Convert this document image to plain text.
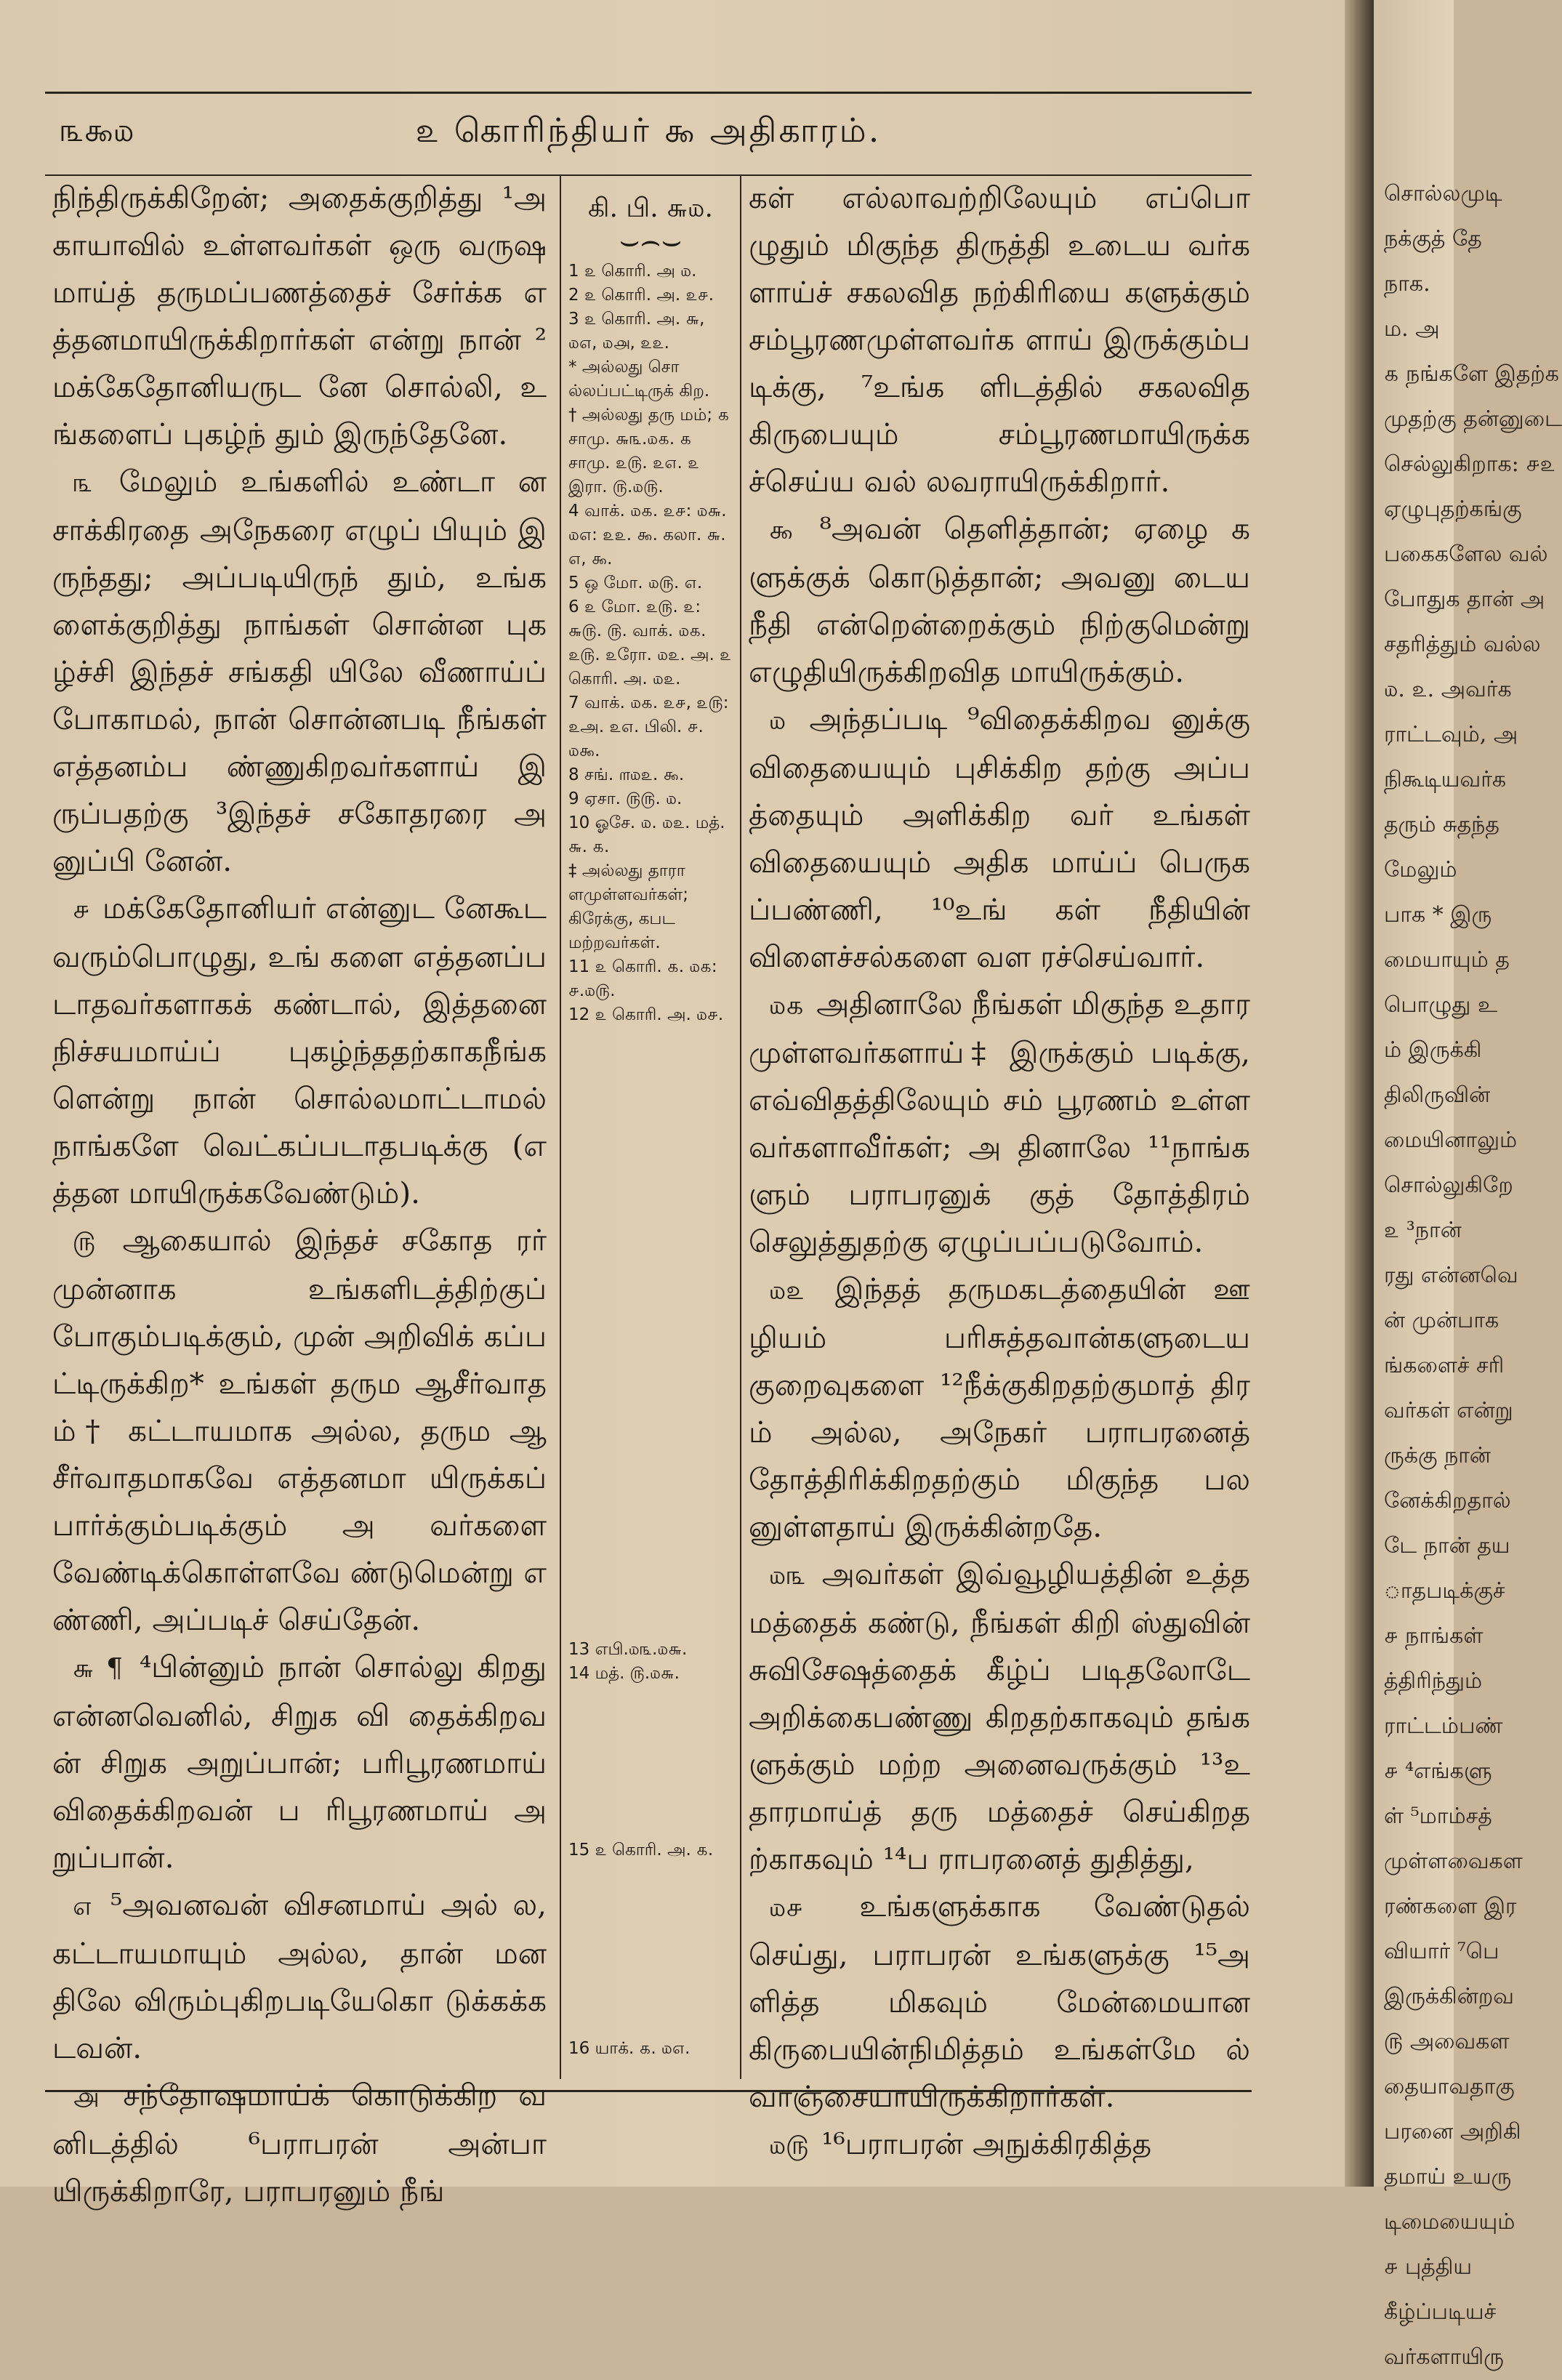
சொல்லமுடி
நக்குத் தே
நாக.
ம. அ
௧ நங்களே இதற்க
முதற்கு தன்னுடை
செல்லுகிறாக: ௪௨
ஏழுபுதற்கங்கு
பகைகளேல வல்
போதுக தான் அ
சதரித்தும் வல்ல
௰. ௨. அவர்க
ராட்டவும், அ
நிகூடியவர்க
தரும் சுதந்த
மேலும்
பாக * இரு
மையாயும் த
பொழுது உ
ம் இருக்கி
திலிருவின்
மையினாலும்
சொல்லுகிறே
௨ ³நான்
ரது என்னவெ
ன் முன்பாக
ங்களைச் சரி
வர்கள் என்று
ருக்கு நான்
னேக்கிறதால்
டே நான் தய
ாதபடிக்குச்
௪ நாங்கள்
த்திரிந்தும்
ராட்டம்பண்
௪ ⁴எங்களு
ள் ⁵மாம்சத்
முள்ளவைகள
ரண்களை இர
வியார் ⁷பெ
இருக்கின்றவ
௫ அவைகள
தையாவதாகு
பரனை அறிகி
தமாய் உயரு
டிமையையும்
௪ புத்திய
கீழ்ப்படியச்
வர்களாயிரு
௩௯௰	௨ கொரிந்தியர் ௯ அதிகாரம்.

நிந்திருக்கிறேன்; அதைக்குறித்து ¹அகாயாவில் உள்ளவர்கள் ஒரு வருஷமாய்த் தருமப்பணத்தைச் சேர்க்க எத்தனமாயிருக்கிறார்கள் என்று நான் ²மக்கேதோனியருட னே சொல்லி, உங்களைப் புகழ்ந் தும் இருந்தேனே.

௩ மேலும் உங்களில் உண்டா ன சாக்கிரதை அநேகரை எழுப் பியும் இருந்தது; அப்படியிருந் தும், உங்களைக்குறித்து நாங்கள் சொன்ன புகழ்ச்சி இந்தச் சங்கதி யிலே வீணாய்ப் போகாமல், நான் சொன்னபடி நீங்கள் எத்தனம்ப ண்ணுகிறவர்களாய் இருப்பதற்கு ³இந்தச் சகோதரரை அனுப்பி னேன்.

௪ மக்கேதோனியர் என்னுட னேகூட வரும்பொழுது, உங் களை எத்தனப்படாதவர்களாகக் கண்டால், இத்தனை நிச்சயமாய்ப் புகழ்ந்ததற்காகநீங்களென்று நான் சொல்லமாட்டாமல் நாங்களே வெட்கப்படாதபடிக்கு (எத்தன மாயிருக்கவேண்டும்).

௫ ஆகையால் இந்தச் சகோத ரர் முன்னாக உங்களிடத்திற்குப் போகும்படிக்கும், முன் அறிவிக் கப்பட்டிருக்கிற* உங்கள் தரும ஆசீர்வாதம்† கட்டாயமாக அல்ல, தரும ஆசீர்வாதமாகவே எத்தனமா யிருக்கப் பார்க்கும்படிக்கும் அ வர்களை வேண்டிக்கொள்ளவே ண்டுமென்று எண்ணி, அப்படிச் செய்தேன்.

௬ ¶ ⁴பின்னும் நான் சொல்லு கிறது என்னவெனில், சிறுக வி தைக்கிறவன் சிறுக அறுப்பான்; பரிபூரணமாய் விதைக்கிறவன் ப ரிபூரணமாய் அறுப்பான்.

௭ ⁵அவனவன் விசனமாய் அல் ல, கட்டாயமாயும் அல்ல, தான் மனதிலே விரும்புகிறபடியேகொ டுக்கக்கடவன்.

௮ சந்தோஷமாய்க் கொடுக்கிற வனிடத்தில் ⁶பராபரன் அன்பா யிருக்கிறாரே, பராபரனும் நீங்

கி. பி. ௬௰.
⌣⌢⌣

1 ௨ கொரி. அ ௰.

2 ௨ கொரி. அ. ௨௪.

3 ௨ கொரி. அ. ௬, ௰௭, ௰௮, ௨௨.

* அல்லது சொ ல்லப்பட்டிருக் கிற.

† அல்லது தரு மம்; ௧ சாமு. ௬௩.௰௧. ௧ சாமு. ௨௫. ௨௭. ௨ இரா. ௫.௰௫.

4 வாக். ௰௧. ௨௪: ௰௬. ௰௭: ௨௨. ௯. கலா. ௬. ௭, ௯.

5 ஒ மோ. ௰௫. ௭.

6 ௨ மோ. ௨௫. ௨: ௬௫. ௫. வாக். ௰௧. ௨௫. ௨ரோ. ௰௨. அ. ௨ கொரி. அ. ௰௨.

7 வாக். ௰௧. ௨௪, ௨௫: ௨அ. ௨௭. பிலி. ௪. ௰௯.

8 சங். ௱௰௨. ௯.

9 ஏசா. ௫௫. ௰.

10 ஓசே. ௰. ௰௨. மத். ௬. ௧.

‡ அல்லது தாரா ளமுள்ளவர்கள்; கிரேக்கு, கபட மற்றவர்கள்.

11 ௨ கொரி. ௧. ௰௧: ௪.௰௫.

12 ௨ கொரி. அ. ௰௪.

13 எபி.௰௩.௰௬.

14 மத். ௫.௰௬.

15 ௨ கொரி. அ. ௧.

16 யாக். ௧. ௰௭.

கள் எல்லாவற்றிலேயும் எப்பொ ழுதும் மிகுந்த திருத்தி உடைய வர்களாய்ச் சகலவித நற்கிரியை களுக்கும் சம்பூரணமுள்ளவர்க ளாய் இருக்கும்படிக்கு, ⁷உங்க ளிடத்தில் சகலவித கிருபையும் சம்பூரணமாயிருக்கச்செய்ய வல் லவராயிருக்கிறார்.

௯ ⁸அவன் தெளித்தான்; ஏழை களுக்குக் கொடுத்தான்; அவனு டைய நீதி என்றென்றைக்கும் நிற்குமென்று எழுதியிருக்கிறவித மாயிருக்கும்.

௰ அந்தப்படி ⁹விதைக்கிறவ னுக்கு விதையையும் புசிக்கிற தற்கு அப்பத்தையும் அளிக்கிற வர் உங்கள் விதையையும் அதிக மாய்ப் பெருகப்பண்ணி, ¹⁰உங் கள் நீதியின் விளைச்சல்களை வள ரச்செய்வார்.

௰௧ அதினாலே நீங்கள் மிகுந்த உதாரமுள்ளவர்களாய்‡ இருக்கும் படிக்கு, எவ்விதத்திலேயும் சம் பூரணம் உள்ளவர்களாவீர்கள்; அ தினாலே ¹¹நாங்களும் பராபரனுக் குத் தோத்திரம் செலுத்துதற்கு ஏழுப்பப்படுவோம்.

௰௨ இந்தத் தருமகடத்தையின் ஊழியம் பரிசுத்தவான்களுடைய குறைவுகளை ¹²நீக்குகிறதற்குமாத் திரம் அல்ல, அநேகர் பராபரனைத் தோத்திரிக்கிறதற்கும் மிகுந்த பல னுள்ளதாய் இருக்கின்றதே.

௰௩ அவர்கள் இவ்வூழியத்தின் உத்தமத்தைக் கண்டு, நீங்கள் கிறி ஸ்துவின் சுவிசேஷத்தைக் கீழ்ப் படிதலோடே அறிக்கைபண்ணு கிறதற்காகவும் தங்களுக்கும் மற்ற அனைவருக்கும் ¹³உதாரமாய்த் தரு மத்தைச் செய்கிறதற்காகவும் ¹⁴ப ராபரனைத் துதித்து,

௰௪ உங்களுக்காக வேண்டுதல் செய்து, பராபரன் உங்களுக்கு ¹⁵அளித்த மிகவும் மேன்மையான கிருபையின்நிமித்தம் உங்கள்மே ல் வாஞ்சையாயிருக்கிறார்கள்.

௰௫ ¹⁶பராபரன் அநுக்கிரகித்த
